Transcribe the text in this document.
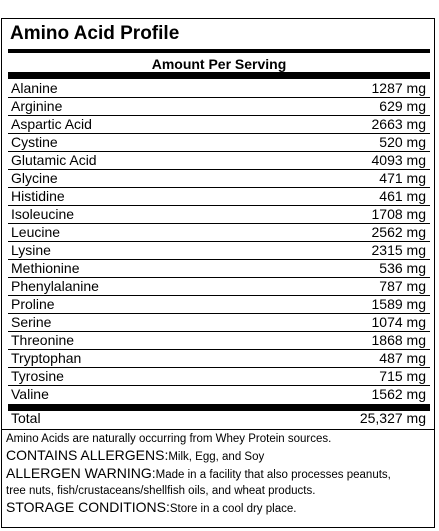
Amino Acid Profile
Amount Per Serving
Alanine	1287 mg
Arginine	629 mg
Aspartic Acid	2663 mg
Cystine	520 mg
Glutamic Acid	4093 mg
Glycine	471 mg
Histidine	461 mg
Isoleucine	1708 mg
Leucine	2562 mg
Lysine	2315 mg
Methionine	536 mg
Phenylalanine	787 mg
Proline	1589 mg
Serine	1074 mg
Threonine	1868 mg
Tryptophan	487 mg
Tyrosine	715 mg
Valine	1562 mg
Total	25,327 mg
Amino Acids are naturally occurring from Whey Protein sources.
CONTAINS ALLERGENS:Milk, Egg, and Soy
ALLERGEN WARNING:Made in a facility that also processes peanuts,
tree nuts, fish/crustaceans/shellfish oils, and wheat products.
STORAGE CONDITIONS:Store in a cool dry place.
